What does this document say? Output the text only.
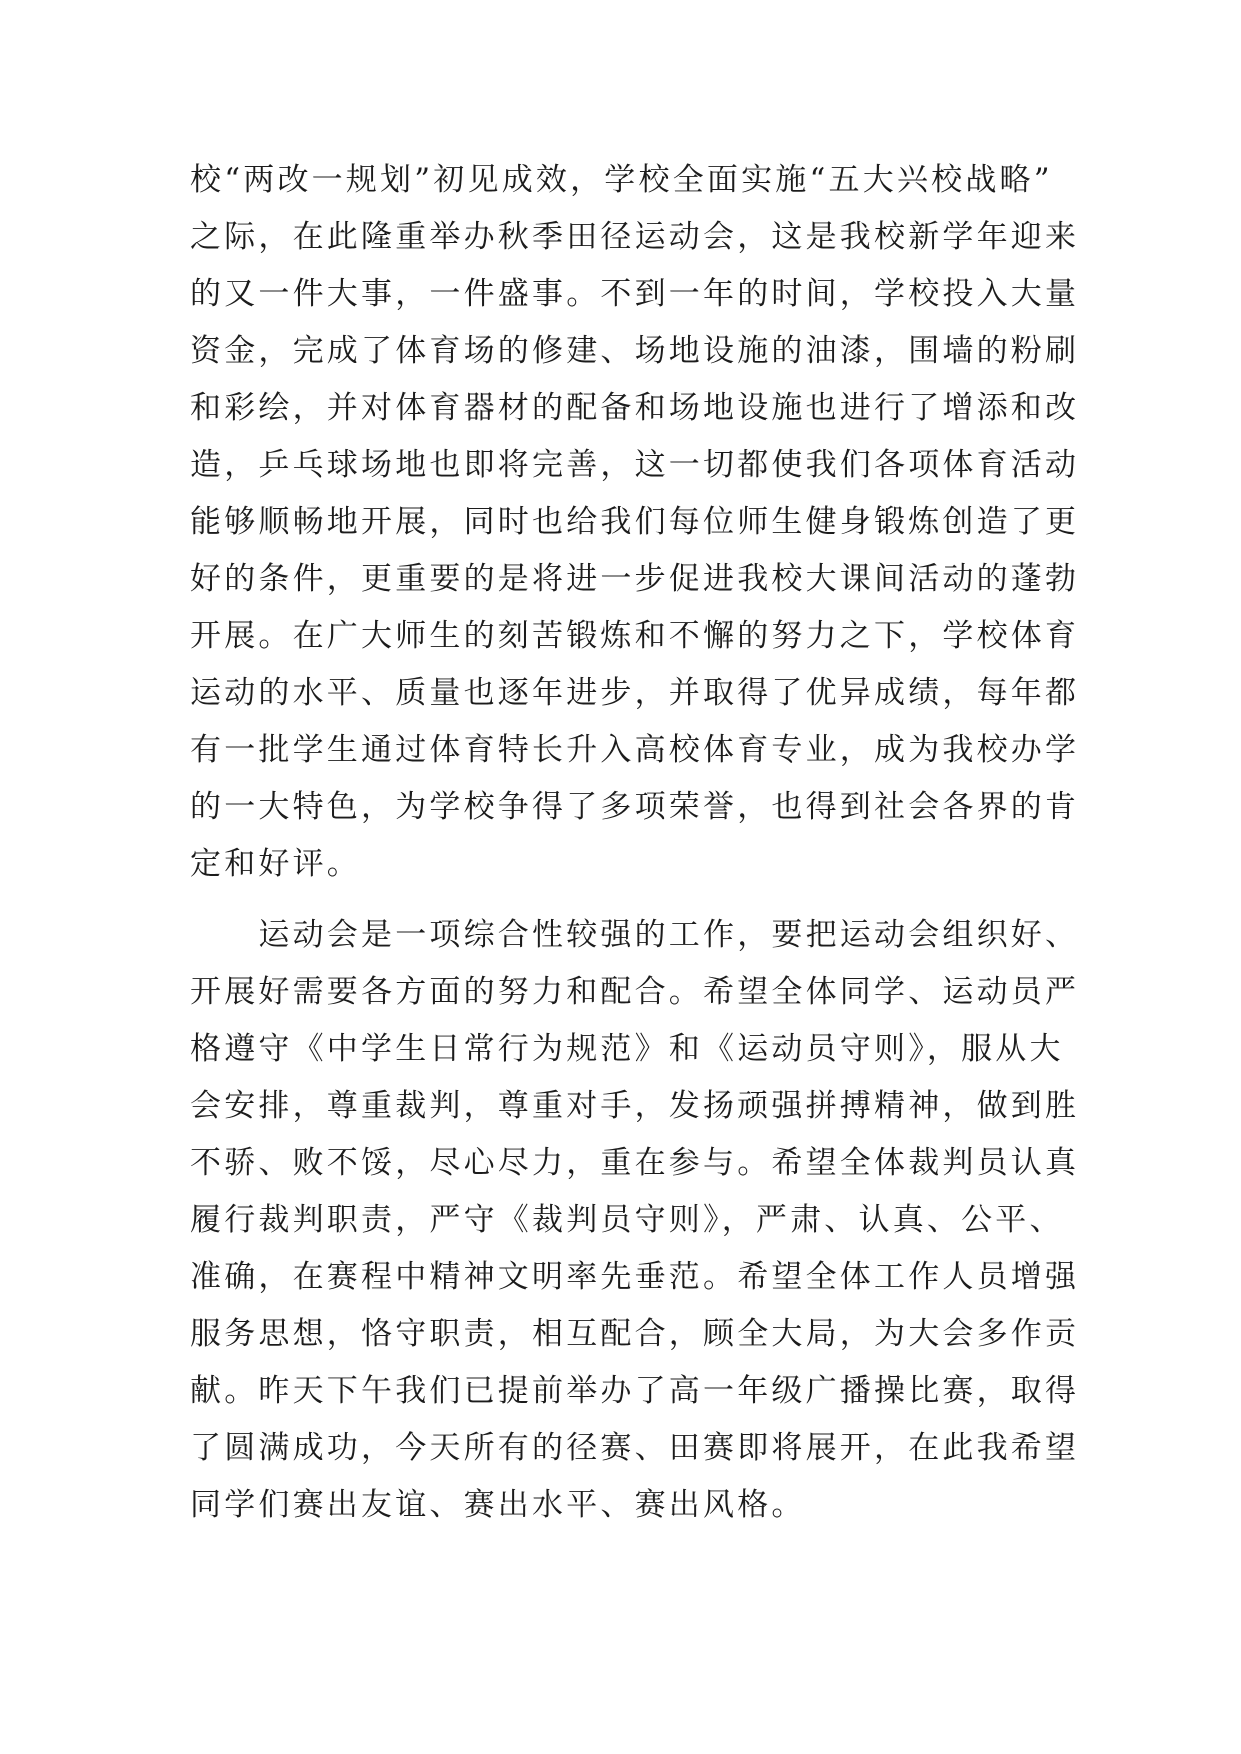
校“两改一规划”初见成效，学校全面实施“五大兴校战略”
之际，在此隆重举办秋季田径运动会，这是我校新学年迎来
的又一件大事，一件盛事。不到一年的时间，学校投入大量
资金，完成了体育场的修建、场地设施的油漆，围墙的粉刷
和彩绘，并对体育器材的配备和场地设施也进行了增添和改
造，乒乓球场地也即将完善，这一切都使我们各项体育活动
能够顺畅地开展，同时也给我们每位师生健身锻炼创造了更
好的条件，更重要的是将进一步促进我校大课间活动的蓬勃
开展。在广大师生的刻苦锻炼和不懈的努力之下，学校体育
运动的水平、质量也逐年进步，并取得了优异成绩，每年都
有一批学生通过体育特长升入高校体育专业，成为我校办学
的一大特色，为学校争得了多项荣誉，也得到社会各界的肯
定和好评。
　　运动会是一项综合性较强的工作，要把运动会组织好、
开展好需要各方面的努力和配合。希望全体同学、运动员严
格遵守《中学生日常行为规范》和《运动员守则》，服从大
会安排，尊重裁判，尊重对手，发扬顽强拼搏精神，做到胜
不骄、败不馁，尽心尽力，重在参与。希望全体裁判员认真
履行裁判职责，严守《裁判员守则》，严肃、认真、公平、
准确，在赛程中精神文明率先垂范。希望全体工作人员增强
服务思想，恪守职责，相互配合，顾全大局，为大会多作贡
献。昨天下午我们已提前举办了高一年级广播操比赛，取得
了圆满成功，今天所有的径赛、田赛即将展开，在此我希望
同学们赛出友谊、赛出水平、赛出风格。
